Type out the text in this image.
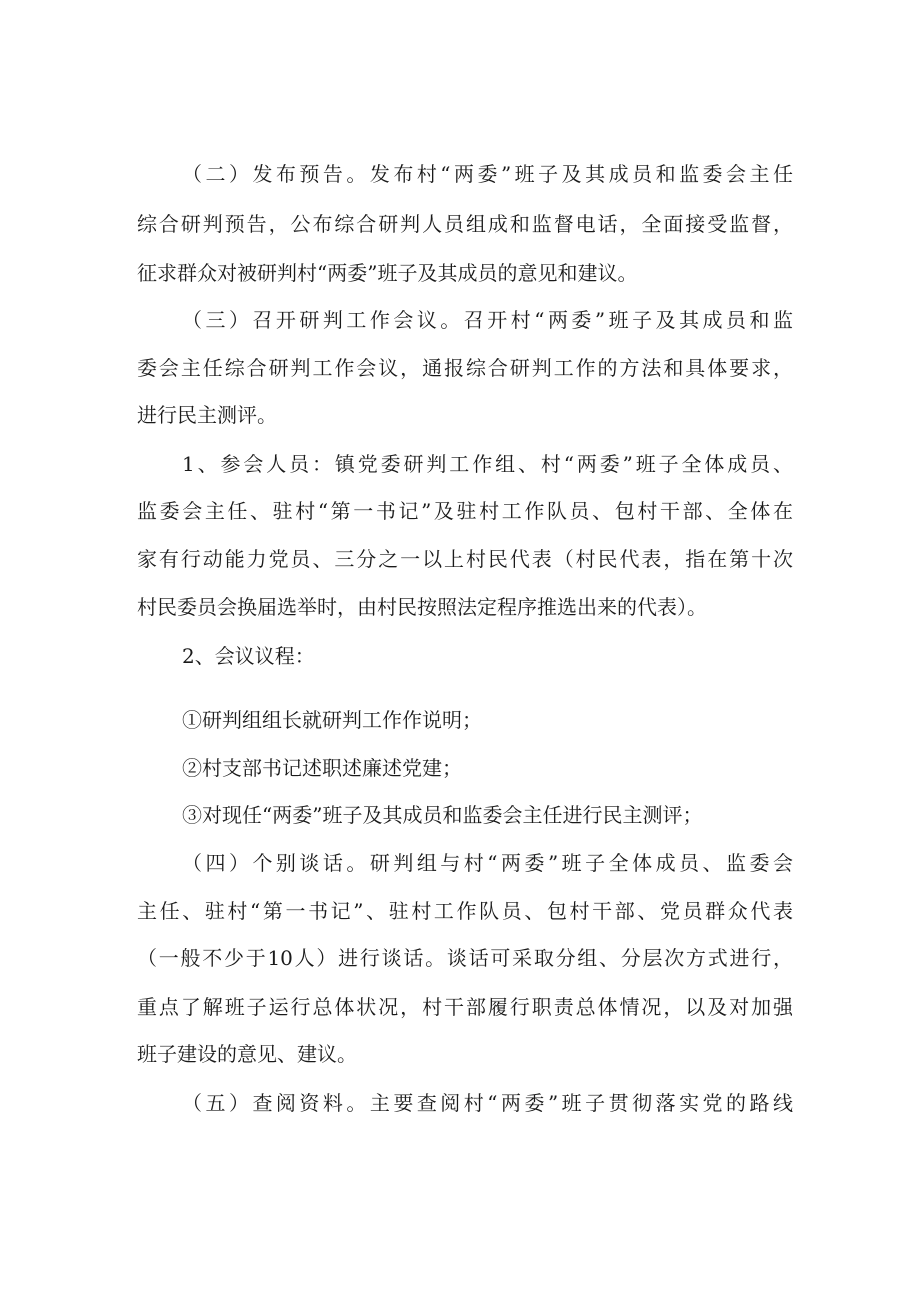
（二）发布预告。发布村“两委”班子及其成员和监委会主任

综合研判预告，公布综合研判人员组成和监督电话，全面接受监督，

征求群众对被研判村“两委”班子及其成员的意见和建议。

（三）召开研判工作会议。召开村“两委”班子及其成员和监

委会主任综合研判工作会议，通报综合研判工作的方法和具体要求，

进行民主测评。

1、参会人员：镇党委研判工作组、村“两委”班子全体成员、

监委会主任、驻村“第一书记”及驻村工作队员、包村干部、全体在

家有行动能力党员、三分之一以上村民代表（村民代表，指在第十次

村民委员会换届选举时，由村民按照法定程序推选出来的代表）。

2、会议议程：

①研判组组长就研判工作作说明；

②村支部书记述职述廉述党建；

③对现任“两委”班子及其成员和监委会主任进行民主测评；

（四）个别谈话。研判组与村“两委”班子全体成员、监委会

主任、驻村“第一书记”、驻村工作队员、包村干部、党员群众代表

（一般不少于10人）进行谈话。谈话可采取分组、分层次方式进行，

重点了解班子运行总体状况，村干部履行职责总体情况，以及对加强

班子建设的意见、建议。

（五）查阅资料。主要查阅村“两委”班子贯彻落实党的路线
